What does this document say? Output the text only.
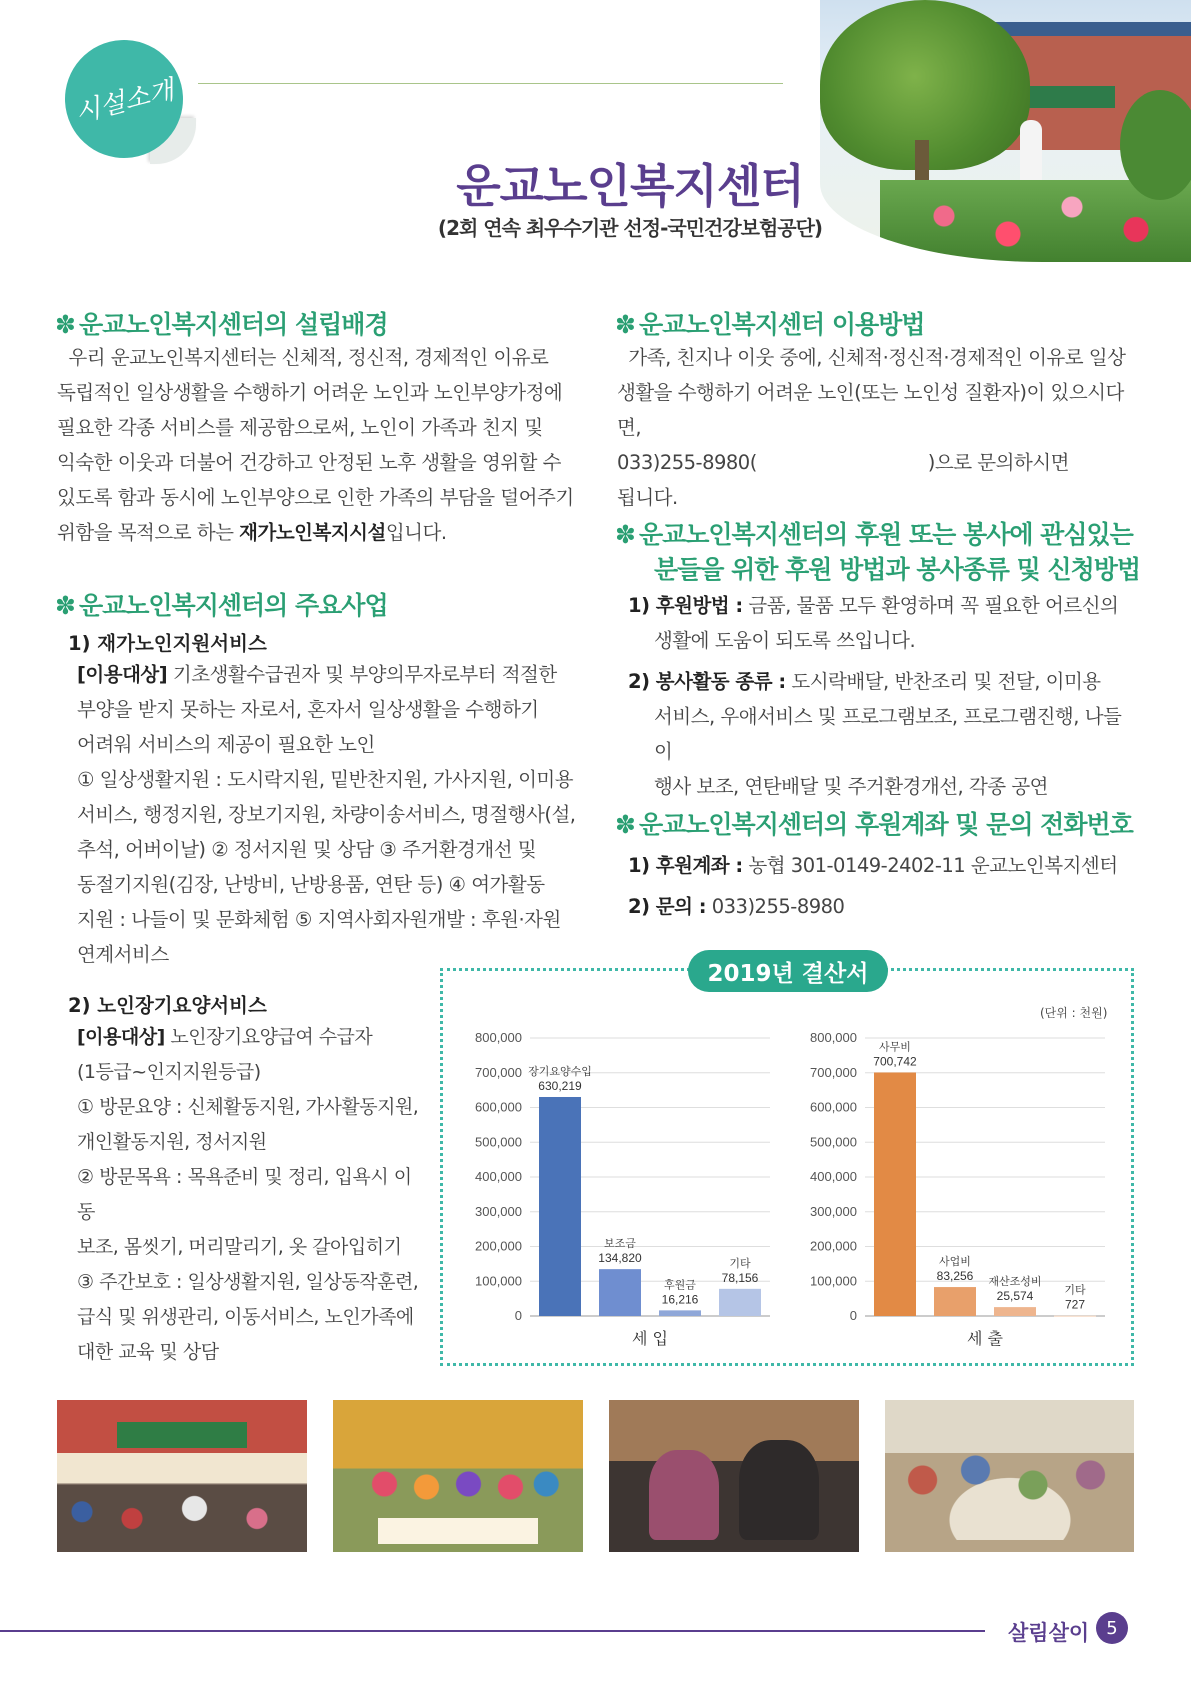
시설소개
운교노인복지센터
(2회 연속 최우수기관 선정-국민건강보험공단)
✽ 운교노인복지센터의 설립배경
우리 운교노인복지센터는 신체적, 정신적, 경제적인 이유로
독립적인 일상생활을 수행하기 어려운 노인과 노인부양가정에
필요한 각종 서비스를 제공함으로써, 노인이 가족과 친지 및
익숙한 이웃과 더불어 건강하고 안정된 노후 생활을 영위할 수
있도록 함과 동시에 노인부양으로 인한 가족의 부담을 덜어주기
위함을 목적으로 하는 재가노인복지시설입니다.
✽ 운교노인복지센터의 주요사업
1) 재가노인지원서비스
[이용대상] 기초생활수급권자 및 부양의무자로부터 적절한
부양을 받지 못하는 자로서, 혼자서 일상생활을 수행하기
어려워 서비스의 제공이 필요한 노인
① 일상생활지원 : 도시락지원, 밑반찬지원, 가사지원, 이미용
서비스, 행정지원, 장보기지원, 차량이송서비스, 명절행사(설,
추석, 어버이날) ② 정서지원 및 상담 ③ 주거환경개선 및
동절기지원(김장, 난방비, 난방용품, 연탄 등) ④ 여가활동
지원 : 나들이 및 문화체험 ⑤ 지역사회자원개발 : 후원·자원
연계서비스
2) 노인장기요양서비스
[이용대상] 노인장기요양급여 수급자
(1등급~인지지원등급)
① 방문요양 : 신체활동지원, 가사활동지원,
개인활동지원, 정서지원
② 방문목욕 : 목욕준비 및 정리, 입욕시 이동
보조, 몸씻기, 머리말리기, 옷 갈아입히기
③ 주간보호 : 일상생활지원, 일상동작훈련,
급식 및 위생관리, 이동서비스, 노인가족에
대한 교육 및 상담
✽ 운교노인복지센터 이용방법
가족, 친지나 이웃 중에, 신체적·정신적·경제적인 이유로 일상
생활을 수행하기 어려운 노인(또는 노인성 질환자)이 있으시다면,
033)255-8980(                              )으로 문의하시면
됩니다.
✽ 운교노인복지센터의 후원 또는 봉사에 관심있는
분들을 위한 후원 방법과 봉사종류 및 신청방법
1) 후원방법 : 금품, 물품 모두 환영하며 꼭 필요한 어르신의
생활에 도움이 되도록 쓰입니다.
2) 봉사활동 종류 : 도시락배달, 반찬조리 및 전달, 이미용
서비스, 우애서비스 및 프로그램보조, 프로그램진행, 나들이
행사 보조, 연탄배달 및 주거환경개선, 각종 공연
✽ 운교노인복지센터의 후원계좌 및 문의 전화번호
1) 후원계좌 : 농협 301-0149-2402-11 운교노인복지센터
2) 문의 : 033)255-8980
2019년 결산서
(단위 : 천원)
800,000
700,000
600,000
500,000
400,000
300,000
200,000
100,000
0
장기요양수입
630,219
보조금
134,820
후원금
16,216
기타
78,156
세 입
800,000
700,000
600,000
500,000
400,000
300,000
200,000
100,000
0
사무비
700,742
사업비
83,256 재산조성비
25,574	기타
727
세 출
살림살이 5
